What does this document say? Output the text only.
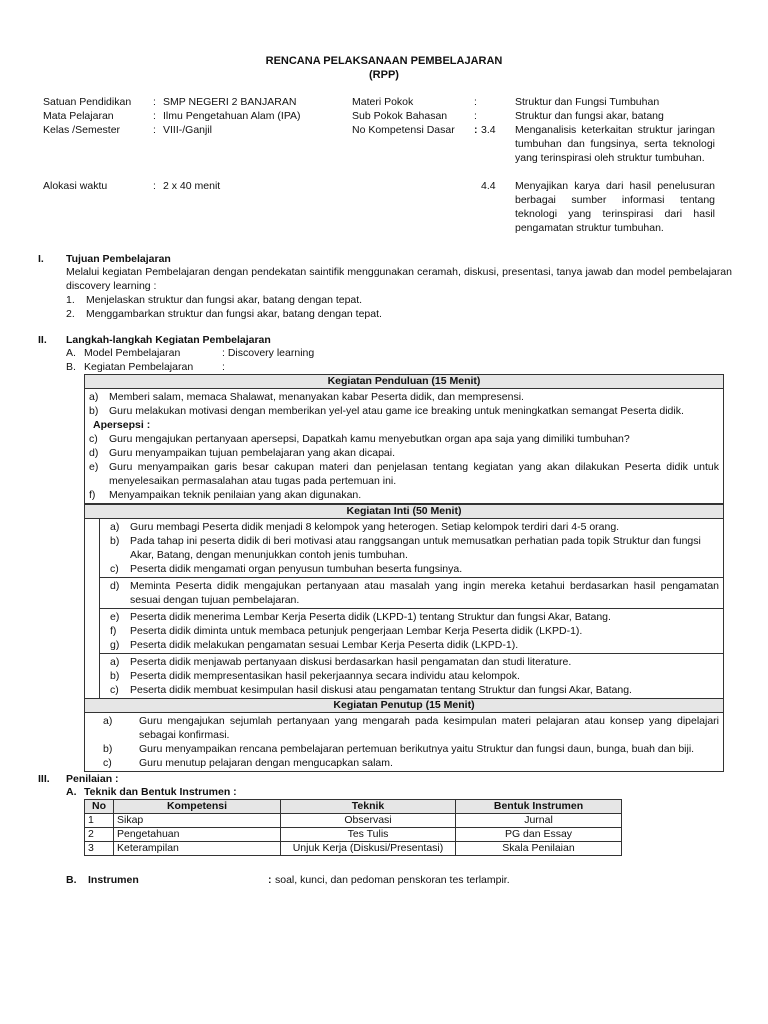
RENCANA PELAKSANAAN PEMBELAJARAN
(RPP)
Satuan Pendidikan : SMP NEGERI 2 BANJARAN
Mata Pelajaran	: Ilmu Pengetahuan Alam (IPA)
Kelas /Semester	: VIII-/Ganjil
Alokasi waktu	: 2 x 40 menit
Materi Pokok	:	Struktur dan Fungsi Tumbuhan
Sub Pokok Bahasan	:	Struktur dan fungsi akar, batang
No Kompetensi Dasar : 3.4 Menganalisis keterkaitan struktur jaringan tumbuhan dan fungsinya, serta teknologi yang terinspirasi oleh struktur tumbuhan.
4.4 Menyajikan karya dari hasil penelusuran berbagai sumber informasi tentang teknologi yang terinspirasi dari hasil pengamatan struktur tumbuhan.
I. Tujuan Pembelajaran
Melalui kegiatan Pembelajaran dengan pendekatan saintifik menggunakan ceramah, diskusi, presentasi, tanya jawab dan model pembelajaran discovery learning :
1.	Menjelaskan struktur dan fungsi akar, batang dengan tepat.
2.	Menggambarkan struktur dan fungsi akar, batang dengan tepat.
II. Langkah-langkah Kegiatan Pembelajaran
A. Model Pembelajaran	: Discovery learning
B. Kegiatan Pembelajaran	:
Kegiatan Penduluan (15 Menit)
a)	Memberi salam, memaca Shalawat, menanyakan kabar Peserta didik, dan mempresensi.
b)	Guru melakukan motivasi dengan memberikan yel-yel atau game ice breaking untuk meningkatkan semangat Peserta didik.
Apersepsi :
c)	Guru mengajukan pertanyaan apersepsi, Dapatkah kamu menyebutkan organ apa saja yang dimiliki tumbuhan?
d)	Guru menyampaikan tujuan pembelajaran yang akan dicapai.
e)	Guru menyampaikan garis besar cakupan materi dan penjelasan tentang kegiatan yang akan dilakukan Peserta didik untuk menyelesaikan permasalahan atau tugas pada pertemuan ini.
f)	Menyampaikan teknik penilaian yang akan digunakan.
Kegiatan Inti (50 Menit)
a)	Guru membagi Peserta didik menjadi 8 kelompok yang heterogen. Setiap kelompok terdiri dari 4-5 orang.
b)	Pada tahap ini peserta didik di beri motivasi atau ranggsangan untuk memusatkan perhatian pada topik Struktur dan fungsi Akar, Batang, dengan menunjukkan contoh jenis tumbuhan.
c)	Peserta didik mengamati organ penyusun tumbuhan beserta fungsinya.
d)	Meminta Peserta didik mengajukan pertanyaan atau masalah yang ingin mereka ketahui berdasarkan hasil pengamatan sesuai dengan tujuan pembelajaran.
e)	Peserta didik menerima Lembar Kerja Peserta didik (LKPD-1) tentang Struktur dan fungsi Akar, Batang.
f)	Peserta didik diminta untuk membaca petunjuk pengerjaan Lembar Kerja Peserta didik (LKPD-1).
g)	Peserta didik melakukan pengamatan sesuai Lembar Kerja Peserta didik (LKPD-1).
a)	Peserta didik menjawab pertanyaan diskusi berdasarkan hasil pengamatan dan studi literature.
b)	Peserta didik mempresentasikan hasil pekerjaannya secara individu atau kelompok.
c)	Peserta didik membuat kesimpulan hasil diskusi atau pengamatan tentang Struktur dan fungsi Akar, Batang.
Kegiatan Penutup (15 Menit)
a)	Guru mengajukan sejumlah pertanyaan yang mengarah pada kesimpulan materi pelajaran atau konsep yang dipelajari sebagai konfirmasi.
b)	Guru menyampaikan rencana pembelajaran pertemuan berikutnya yaitu Struktur dan fungsi daun, bunga, buah dan biji.
c)	Guru menutup pelajaran dengan mengucapkan salam.
III. Penilaian :
A. Teknik dan Bentuk Instrumen :
No	Kompetensi	Teknik	Bentuk Instrumen
1	Sikap	Observasi	Jurnal
2	Pengetahuan	Tes Tulis	PG dan Essay
3	Keterampilan	Unjuk Kerja (Diskusi/Presentasi)	Skala Penilaian
B. Instrumen	: soal, kunci, dan pedoman penskoran tes terlampir.
